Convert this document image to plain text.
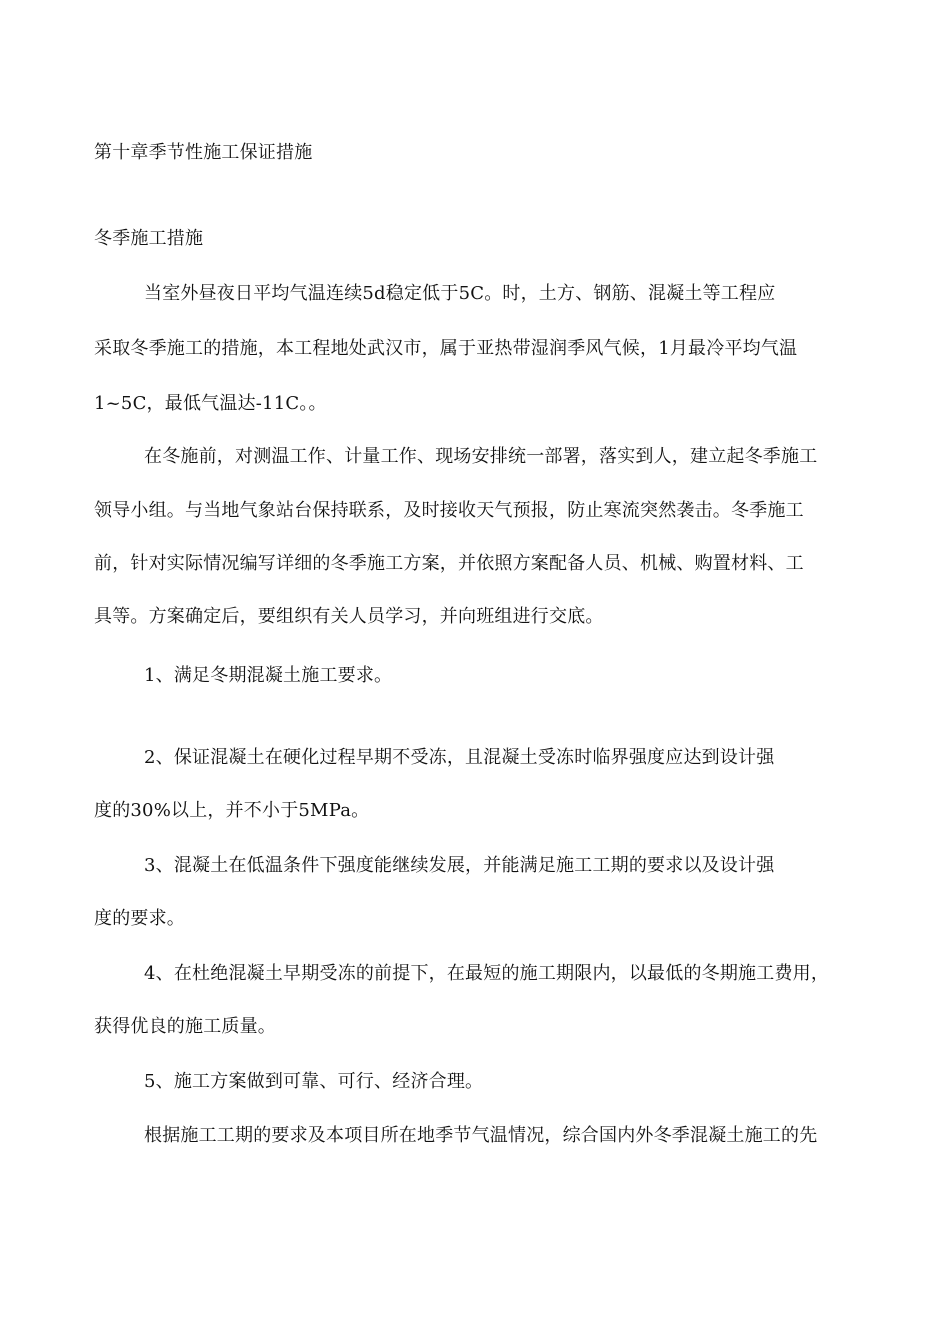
第十章季节性施工保证措施
冬季施工措施
当室外昼夜日平均气温连续5d稳定低于5C。时，土方、钢筋、混凝土等工程应
采取冬季施工的措施，本工程地处武汉市，属于亚热带湿润季风气候，1月最冷平均气温
1~5C，最低气温达-11C。。
在冬施前，对测温工作、计量工作、现场安排统一部署，落实到人，建立起冬季施工
领导小组。与当地气象站台保持联系，及时接收天气预报，防止寒流突然袭击。冬季施工
前，针对实际情况编写详细的冬季施工方案，并依照方案配备人员、机械、购置材料、工
具等。方案确定后，要组织有关人员学习，并向班组进行交底。
1、满足冬期混凝土施工要求。
2、保证混凝土在硬化过程早期不受冻，且混凝土受冻时临界强度应达到设计强
度的30%以上，并不小于5MPa。
3、混凝土在低温条件下强度能继续发展，并能满足施工工期的要求以及设计强
度的要求。
4、在杜绝混凝土早期受冻的前提下，在最短的施工期限内，以最低的冬期施工费用，
获得优良的施工质量。
5、施工方案做到可靠、可行、经济合理。
根据施工工期的要求及本项目所在地季节气温情况，综合国内外冬季混凝土施工的先
